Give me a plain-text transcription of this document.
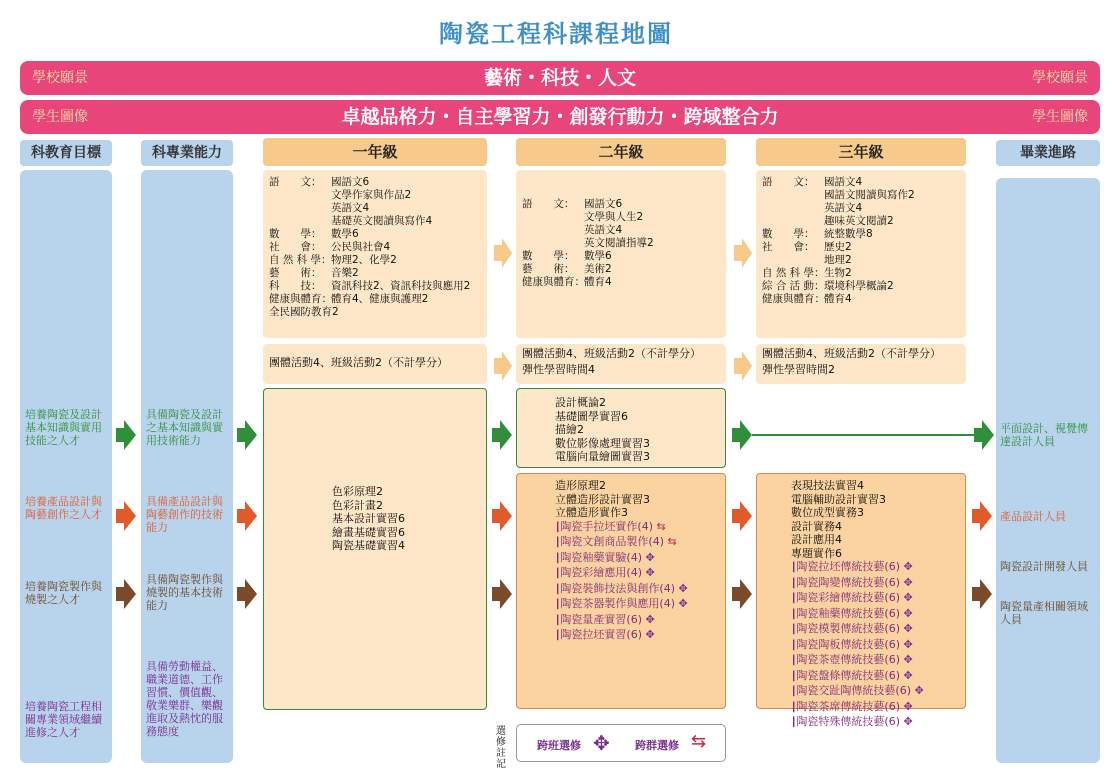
陶瓷工程科課程地圖
學校願景	藝術・科技・人文	學校願景
學生圖像	卓越品格力・自主學習力・創發行動力・跨域整合力	學生圖像
科教育目標	科專業能力	一年級	二年級	三年級	畢業進路
培養陶瓷及設計基本知識與實用技能之人才
培養產品設計與陶藝創作之人才
培養陶瓷製作與燒製之人才
培養陶瓷工程相關專業領域繼續進修之人才
具備陶瓷及設計之基本知識與實用技術能力
具備產品設計與陶藝創作的技術能力
具備陶瓷製作與燒製的基本技術能力
具備勞動權益、職業道德、工作習慣、價值觀、敬業樂群、樂觀進取及熱忱的服務態度
平面設計、視覺傳達設計人員
產品設計人員
陶瓷設計開發人員
陶瓷量產相關領域人員
語　　文： 國語文6
文學作家與作品2
英語文4
基礎英文閱讀與寫作4
數　　學： 數學6
社　　會： 公民與社會4
自 然 科 學： 物理2、化學2
藝　　術： 音樂2
科　　技： 資訊科技2、資訊科技與應用2
健康與體育： 體育4、健康與護理2
全民國防教育2
團體活動4、班級活動2（不計學分）
色彩原理2
色彩計畫2
基本設計實習6
繪畫基礎實習6
陶瓷基礎實習4
語　　文： 國語文6
文學與人生2
英語文4
英文閱讀指導2
數　　學： 數學6
藝　　術： 美術2
健康與體育： 體育4
團體活動4、班級活動2（不計學分）
彈性學習時間4
設計概論2
基礎圖學實習6
描繪2
數位影像處理實習3
電腦向量繪圖實習3
造形原理2
立體造形設計實習3
立體造形實作3
┃陶瓷手拉坯實作(4) ⇆
┃陶瓷文創商品製作(4) ⇆
┃陶瓷釉藥實驗(4) ✥
┃陶瓷彩繪應用(4) ✥
┃陶瓷裝飾技法與創作(4) ✥
┃陶瓷茶器製作與應用(4) ✥
┃陶瓷量產實習(6) ✥
┃陶瓷拉坯實習(6) ✥
語　　文： 國語文4
國語文閱讀與寫作2
英語文4
趣味英文閱讀2
數　　學： 統整數學8
社　　會： 歷史2
地理2
自 然 科 學： 生物2
綜 合 活 動： 環境科學概論2
健康與體育： 體育4
團體活動4、班級活動2（不計學分）
彈性學習時間2
表現技法實習4
電腦輔助設計實習3
數位成型實務3
設計實務4
設計應用4
專題實作6
┃陶瓷拉坯傳統技藝(6) ✥
┃陶瓷陶變傳統技藝(6) ✥
┃陶瓷彩繪傳統技藝(6) ✥
┃陶瓷釉藥傳統技藝(6) ✥
┃陶瓷模製傳統技藝(6) ✥
┃陶瓷陶板傳統技藝(6) ✥
┃陶瓷茶壺傳統技藝(6) ✥
┃陶瓷盤條傳統技藝(6) ✥
┃陶瓷交趾陶傳統技藝(6) ✥
┃陶瓷茶席傳統技藝(6) ✥
┃陶瓷特殊傳統技藝(6) ✥
選修註記
跨班選修 ✥ 跨群選修 ⇆
